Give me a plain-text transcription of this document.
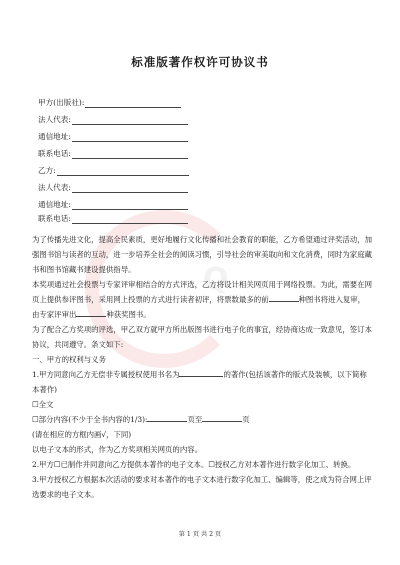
Q
标准版著作权许可协议书
甲方(出版社):
法人代表:
通信地址:
联系电话:
乙方:
法人代表:
通信地址:
联系电话:

为了传播先进文化，提高全民素质，更好地履行文化传播和社会教育的职能，乙方希望通过评奖活动，加强图书馆与读者的互动，进一步培养全社会的阅读习惯，引导社会的审美取向和文化消费，同时为家庭藏书和图书馆藏书建设提供指导。

本奖项通过社会投票与专家评审相结合的方式评选，乙方将设计相关网页用于网络投票。为此，需要在网页上提供参评图书，采用网上投票的方式进行读者初评，将票数最多的前	种图书将进入复审，由专家评审出	种获奖图书。

为了配合乙方奖项的评选，甲乙双方就甲方所出版图书进行电子化的事宜，经协商达成一致意见，签订本协议，共同遵守。条文如下:

一、甲方的权利与义务

1.甲方同意向乙方无偿非专属授权使用书名为	的著作(包括该著作的版式及装帧，以下简称本著作)

☐全文

☐部分内容(不少于全书内容的1/3):	页至	页

(请在相应的方框内画√，下同)

以电子文本的形式，作为乙方奖项相关网页的内容。

2.甲方☐已制作并同意向乙方提供本著作的电子文本。☐授权乙方对本著作进行数字化加工、转换。

3.甲方授权乙方根据本次活动的要求对本著作的电子文本进行数字化加工、编辑等，使之成为符合网上评选要求的电子文本。

第 1 页 共 2 页
